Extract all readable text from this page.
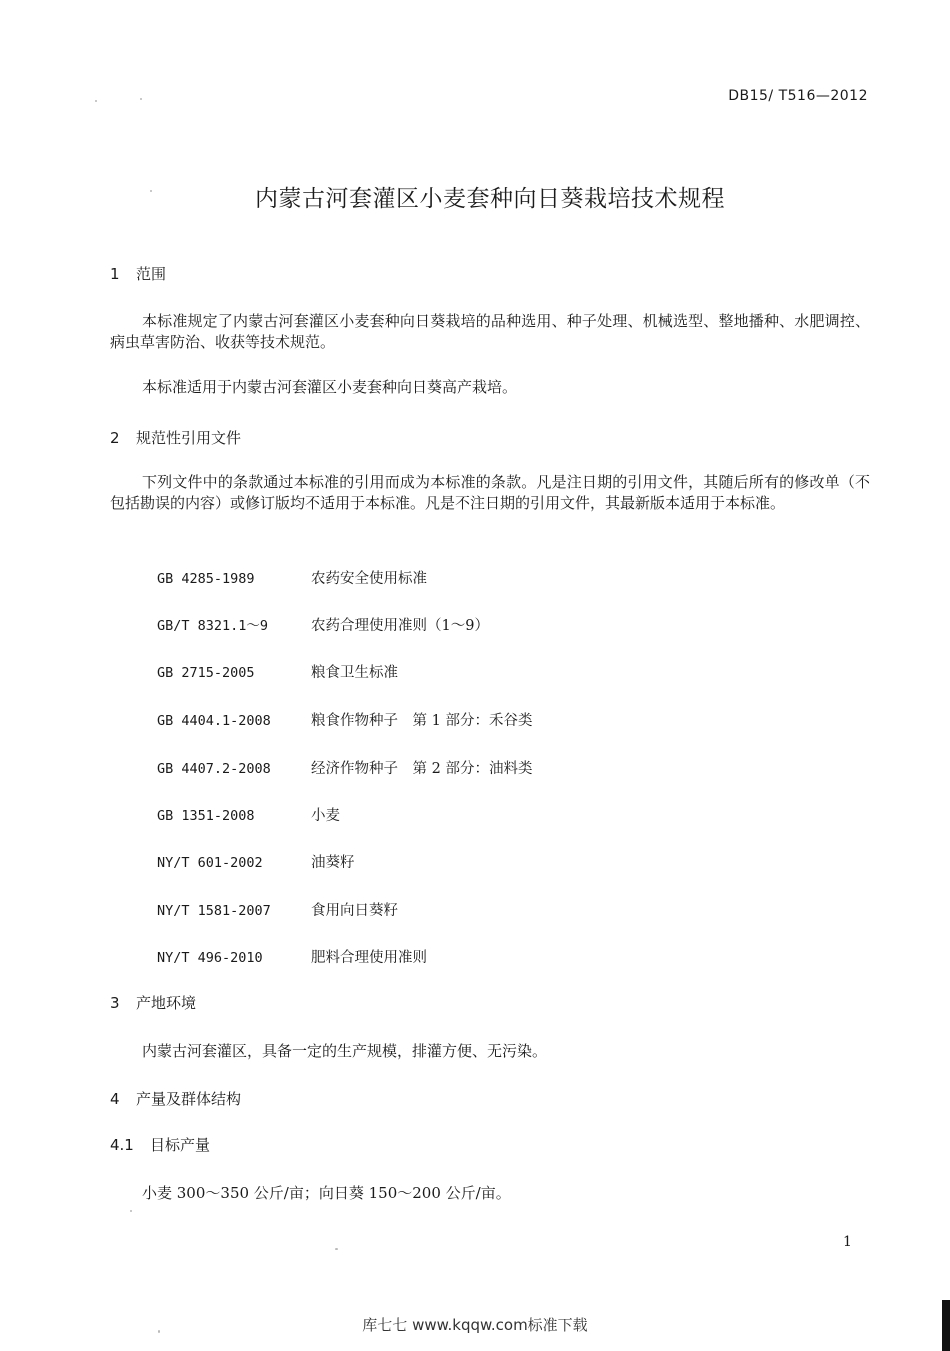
DB15/ T516—2012
内蒙古河套灌区小麦套种向日葵栽培技术规程
1 范围
本标准规定了内蒙古河套灌区小麦套种向日葵栽培的品种选用、种子处理、机械选型、整地播种、水肥调控、病虫草害防治、收获等技术规范。
本标准适用于内蒙古河套灌区小麦套种向日葵高产栽培。
2 规范性引用文件
下列文件中的条款通过本标准的引用而成为本标准的条款。凡是注日期的引用文件，其随后所有的修改单（不包括勘误的内容）或修订版均不适用于本标准。凡是不注日期的引用文件，其最新版本适用于本标准。
GB 4285-1989	农药安全使用标准
GB/T 8321.1～9	农药合理使用准则（1～9）
GB 2715-2005	粮食卫生标准
GB 4404.1-2008	粮食作物种子　第 1 部分：禾谷类
GB 4407.2-2008	经济作物种子　第 2 部分：油料类
GB 1351-2008	小麦
NY/T 601-2002	油葵籽
NY/T 1581-2007	食用向日葵籽
NY/T 496-2010	肥料合理使用准则
3 产地环境
内蒙古河套灌区，具备一定的生产规模，排灌方便、无污染。
4 产量及群体结构
4.1 目标产量
小麦 300～350 公斤/亩；向日葵 150～200 公斤/亩。
1
库七七 www.kqqw.com标准下载
